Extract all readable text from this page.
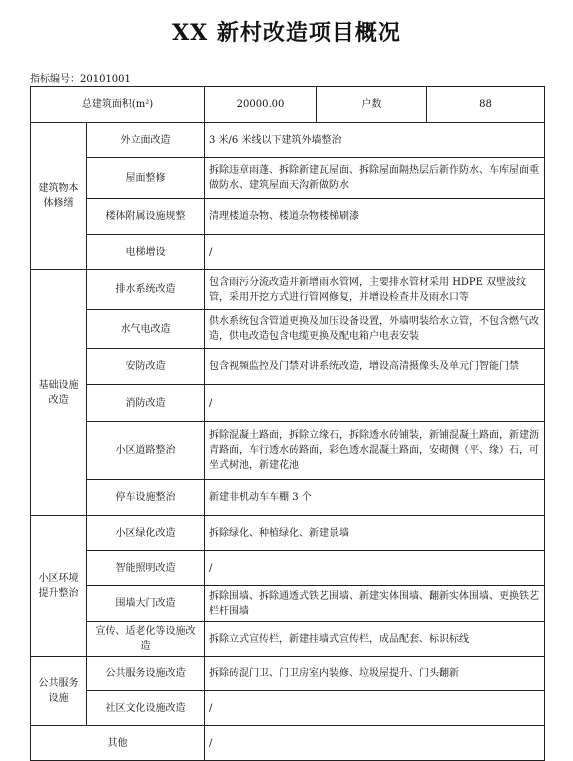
XX 新村改造项目概况
指标编号：20101001
总建筑面积(m²)		20000.00	户数	88
建筑物本体修缮	外立面改造	3 米/6 米线以下建筑外墙整治		
	屋面整修	拆除违章雨蓬、拆除新建瓦屋面、拆除屋面隔热层后新作防水、车库屋面重做防水、建筑屋面天沟新做防水		
	楼体附属设施规整	清理楼道杂物、楼道杂物楼梯刷漆		
	电梯增设	/		
基础设施改造	排水系统改造	包含雨污分流改造并新增雨水管网，主要排水管材采用 HDPE 双壁波纹管，采用开挖方式进行管网修复，并增设检查井及雨水口等		
	水气电改造	供水系统包含管道更换及加压设备设置，外墙明装给水立管，不包含燃气改造，供电改造包含电缆更换及配电箱户电表安装		
	安防改造	包含视频监控及门禁对讲系统改造，增设高清摄像头及单元门智能门禁		
	消防改造	/		
	小区道路整治	拆除混凝土路面，拆除立缘石，拆除透水砖铺装，新铺混凝土路面，新建沥青路面，车行透水砖路面，彩色透水混凝土路面，安砌侧（平、缘）石，可坐式树池，新建花池		
	停车设施整治	新建非机动车车棚 3 个		
小区环境提升整治	小区绿化改造	拆除绿化、种植绿化、新建景墙		
	智能照明改造	/		
	围墙大门改造	拆除围墙、拆除通透式铁艺围墙、新建实体围墙、翻新实体围墙、更换铁艺栏杆围墙		
	宣传、适老化等设施改造	拆除立式宣传栏，新建挂墙式宣传栏，成品配套、标识标线		
公共服务设施	公共服务设施改造	拆除砖混门卫、门卫房室内装修、垃圾屋提升、门头翻新		
	社区文化设施改造	/		
其他		/		
